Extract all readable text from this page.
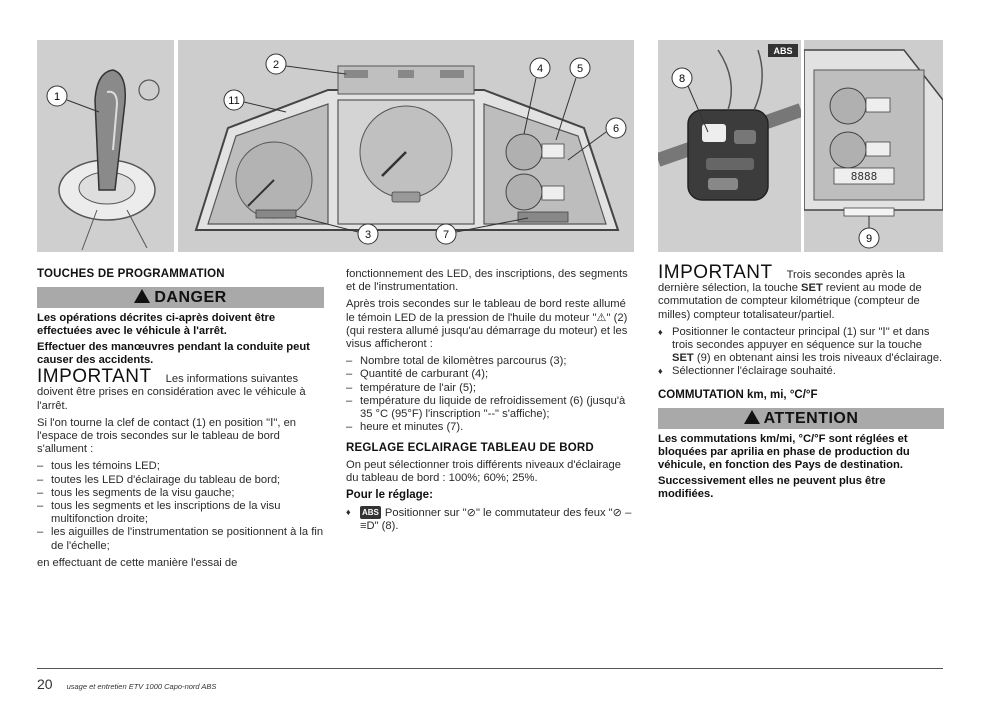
1
2
11
4	5
6
3	7
ABS
8
8888
9
TOUCHES DE PROGRAMMATION
DANGER
Les opérations décrites ci-après doivent être effectuées avec le véhicule à l'arrêt.
Effectuer des manœuvres pendant la conduite peut causer des accidents.

IMPORTANT Les informations suivantes doivent être prises en considération avec le véhicule à l'arrêt.

Si l'on tourne la clef de contact (1) en position "Ⅰ", en l'espace de trois secondes sur le tableau de bord s'allument :

– tous les témoins LED;
– toutes les LED d'éclairage du tableau de bord;
– tous les segments de la visu gauche;
– tous les segments et les inscriptions de la visu multifonction droite;
– les aiguilles de l'instrumentation se positionnent à la fin de l'échelle;

en effectuant de cette manière l'essai de

fonctionnement des LED, des inscriptions, des segments et de l'instrumentation.

Après trois secondes sur le tableau de bord reste allumé le témoin LED de la pression de l'huile du moteur "⚠" (2) (qui restera allumé jusqu'au démarrage du moteur) et les visus afficheront :

– Nombre total de kilomètres parcourus (3);
– Quantité de carburant (4);
– température de l'air (5);
– température du liquide de refroidissement (6) (jusqu'à 35 °C (95°F) l'inscription "--" s'affiche);
– heure et minutes (7).
REGLAGE ECLAIRAGE TABLEAU DE BORD

On peut sélectionner trois différents niveaux d'éclairage du tableau de bord : 100%; 60%; 25%.

Pour le réglage:
♦ ABS Positionner sur "⊘" le commutateur des feux "⊘ – ≡D" (8).

IMPORTANT Trois secondes après la dernière sélection, la touche SET revient au mode de commutation de compteur kilométrique (compteur de milles) compteur totalisateur/partiel.

♦ Positionner le contacteur principal (1) sur "Ⅰ" et dans trois secondes appuyer en séquence sur la touche SET (9) en obtenant ainsi les trois niveaux d'éclairage.
♦ Sélectionner l'éclairage souhaité.
COMMUTATION km, mi, °C/°F
ATTENTION
Les commutations km/mi, °C/°F sont réglées et bloquées par aprilia en phase de production du véhicule, en fonction des Pays de destination.
Successivement elles ne peuvent plus être modifiées.
20 usage et entretien ETV 1000 Capo-nord ABS
